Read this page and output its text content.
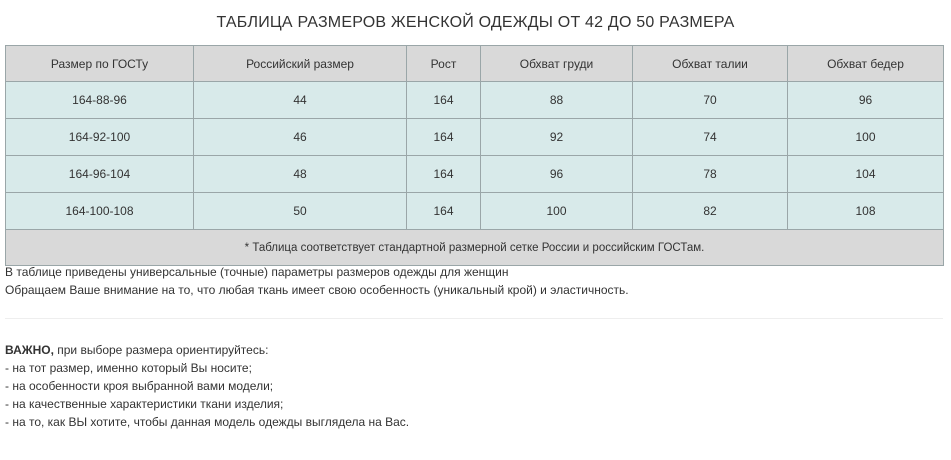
ТАБЛИЦА РАЗМЕРОВ ЖЕНСКОЙ ОДЕЖДЫ ОТ 42 ДО 50 РАЗМЕРА
Размер по ГОСТу	Российский размер	Рост	Обхват груди	Обхват талии	Обхват бедер
164-88-96	44	164	88	70	96
164-92-100	46	164	92	74	100
164-96-104	48	164	96	78	104
164-100-108	50	164	100	82	108
* Таблица соответствует стандартной размерной сетке России и российским ГОСТам.					
В таблице приведены универсальные (точные) параметры размеров одежды для женщин
Обращаем Ваше внимание на то, что любая ткань имеет свою особенность (уникальный крой) и эластичность.
ВАЖНО, при выборе размера ориентируйтесь:
- на тот размер, именно который Вы носите;
- на особенности кроя выбранной вами модели;
- на качественные характеристики ткани изделия;
- на то, как ВЫ хотите, чтобы данная модель одежды выглядела на Вас.
